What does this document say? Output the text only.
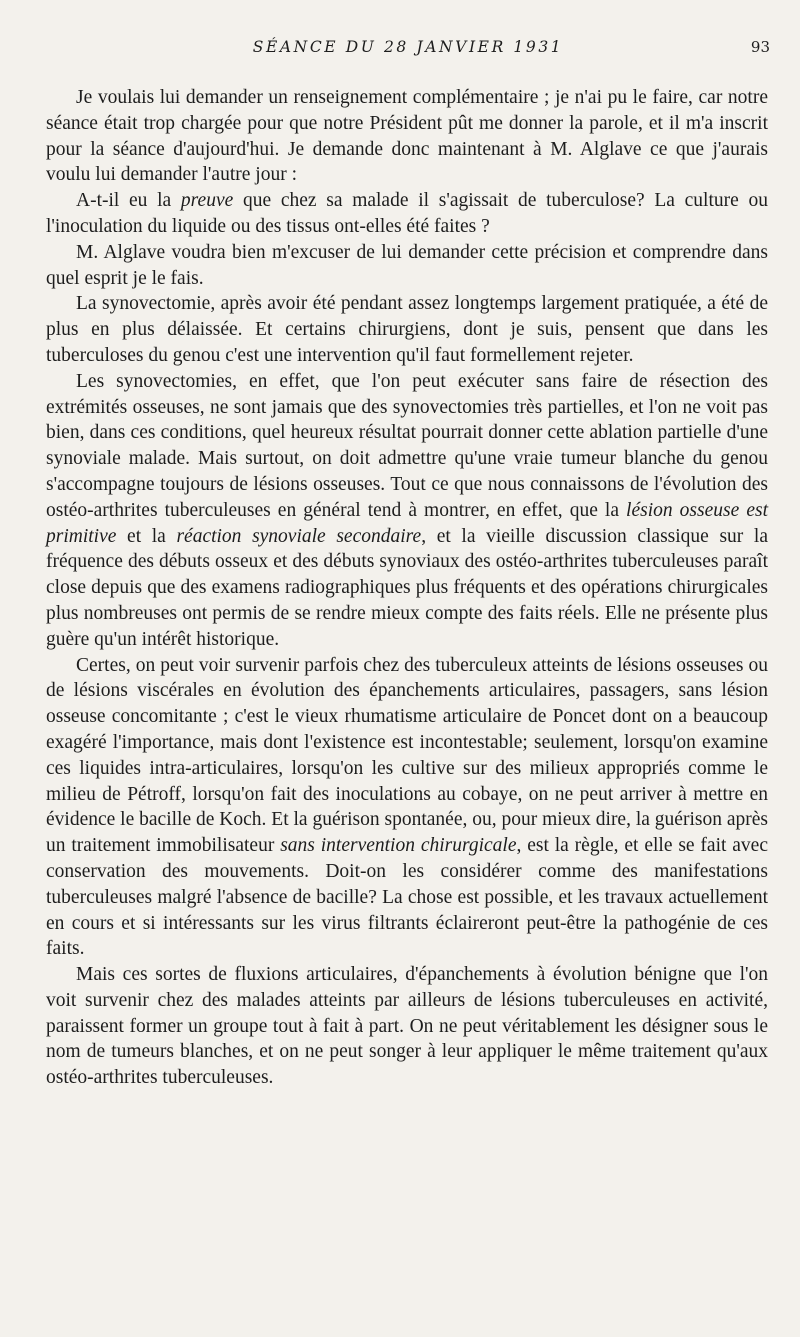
SÉANCE DU 28 JANVIER 1931	93

Je voulais lui demander un renseignement complémentaire ; je n'ai pu le faire, car notre séance était trop chargée pour que notre Président pût me donner la parole, et il m'a inscrit pour la séance d'aujourd'hui. Je demande donc maintenant à M. Alglave ce que j'aurais voulu lui demander l'autre jour :

A-t-il eu la preuve que chez sa malade il s'agissait de tuberculose? La culture ou l'inoculation du liquide ou des tissus ont-elles été faites ?

M. Alglave voudra bien m'excuser de lui demander cette précision et comprendre dans quel esprit je le fais.

La synovectomie, après avoir été pendant assez longtemps largement pratiquée, a été de plus en plus délaissée. Et certains chirurgiens, dont je suis, pensent que dans les tuberculoses du genou c'est une intervention qu'il faut formellement rejeter.

Les synovectomies, en effet, que l'on peut exécuter sans faire de résection des extrémités osseuses, ne sont jamais que des synovectomies très partielles, et l'on ne voit pas bien, dans ces conditions, quel heureux résultat pourrait donner cette ablation partielle d'une synoviale malade. Mais surtout, on doit admettre qu'une vraie tumeur blanche du genou s'accompagne toujours de lésions osseuses. Tout ce que nous connaissons de l'évolution des ostéo-arthrites tuberculeuses en général tend à montrer, en effet, que la lésion osseuse est primitive et la réaction synoviale secondaire, et la vieille discussion classique sur la fréquence des débuts osseux et des débuts synoviaux des ostéo-arthrites tuberculeuses paraît close depuis que des examens radiographiques plus fréquents et des opérations chirurgicales plus nombreuses ont permis de se rendre mieux compte des faits réels. Elle ne présente plus guère qu'un intérêt historique.

Certes, on peut voir survenir parfois chez des tuberculeux atteints de lésions osseuses ou de lésions viscérales en évolution des épanchements articulaires, passagers, sans lésion osseuse concomitante ; c'est le vieux rhumatisme articulaire de Poncet dont on a beaucoup exagéré l'importance, mais dont l'existence est incontestable; seulement, lorsqu'on examine ces liquides intra-articulaires, lorsqu'on les cultive sur des milieux appropriés comme le milieu de Pétroff, lorsqu'on fait des inoculations au cobaye, on ne peut arriver à mettre en évidence le bacille de Koch. Et la guérison spontanée, ou, pour mieux dire, la guérison après un traitement immobilisateur sans intervention chirurgicale, est la règle, et elle se fait avec conservation des mouvements. Doit-on les considérer comme des manifestations tuberculeuses malgré l'absence de bacille? La chose est possible, et les travaux actuellement en cours et si intéressants sur les virus filtrants éclaireront peut-être la pathogénie de ces faits.

Mais ces sortes de fluxions articulaires, d'épanchements à évolution bénigne que l'on voit survenir chez des malades atteints par ailleurs de lésions tuberculeuses en activité, paraissent former un groupe tout à fait à part. On ne peut véritablement les désigner sous le nom de tumeurs blanches, et on ne peut songer à leur appliquer le même traitement qu'aux ostéo-arthrites tuberculeuses.
